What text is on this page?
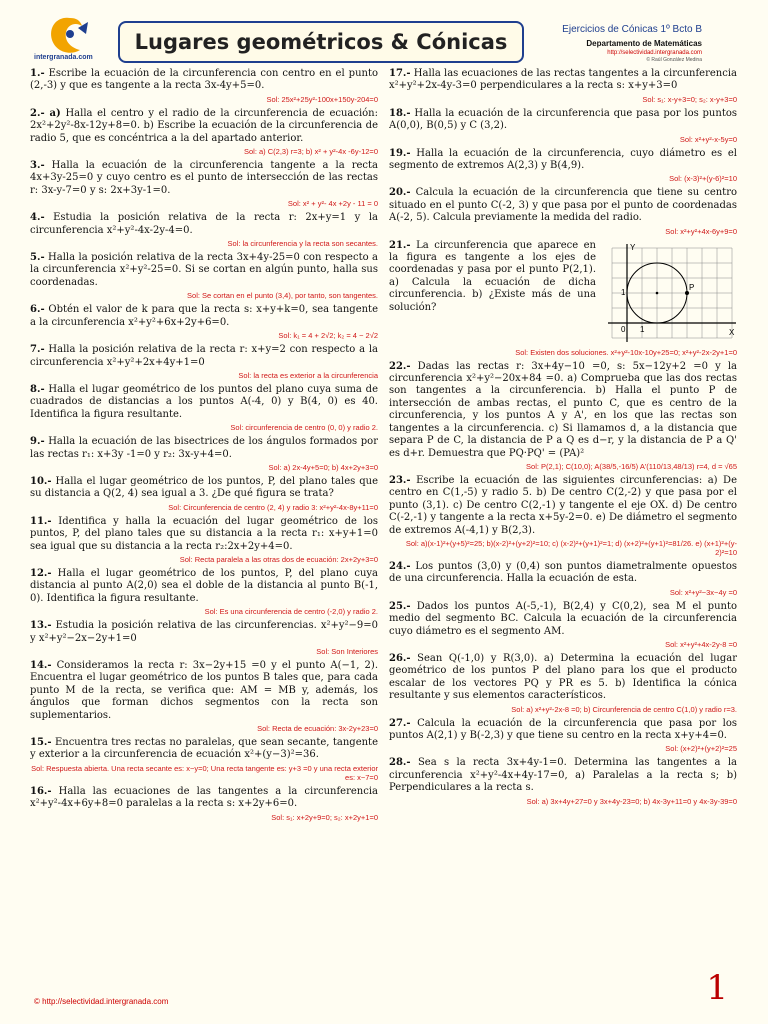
intergranada.com
Lugares geométricos & Cónicas
Ejercicios de Cónicas 1º Bcto B
Departamento de Matemáticas
http://selectividad.intergranada.com
© Raúl González Medina

1.- Escribe la ecuación de la circunferencia con centro en el punto (2,-3) y que es tangente a la recta 3x-4y+5=0.

Sol: 25x²+25y²-100x+150y-204=0

2.- a) Halla el centro y el radio de la circunferencia de ecuación: 2x²+2y²-8x-12y+8=0. b) Escribe la ecuación de la circunferencia de radio 5, que es concéntrica a la del apartado anterior.

Sol: a) C(2,3) r=3; b) x² + y²-4x -6y-12=0

3.- Halla la ecuación de la circunferencia tangente a la recta 4x+3y-25=0 y cuyo centro es el punto de intersección de las rectas r: 3x-y-7=0 y s: 2x+3y-1=0.

Sol: x² + y²- 4x +2y - 11 = 0

4.- Estudia la posición relativa de la recta r: 2x+y=1 y la circunferencia x²+y²-4x-2y-4=0.

Sol: la circunferencia y la recta son secantes.

5.- Halla la posición relativa de la recta 3x+4y-25=0 con respecto a la circunferencia x²+y²-25=0. Si se cortan en algún punto, halla sus coordenadas.

Sol: Se cortan en el punto (3,4), por tanto, son tangentes.

6.- Obtén el valor de k para que la recta s: x+y+k=0, sea tangente a la circunferencia x²+y²+6x+2y+6=0.

Sol: k₁ = 4 + 2√2; k₂ = 4 − 2√2

7.- Halla la posición relativa de la recta r: x+y=2 con respecto a la circunferencia x²+y²+2x+4y+1=0

Sol: la recta es exterior a la circunferencia

8.- Halla el lugar geométrico de los puntos del plano cuya suma de cuadrados de distancias a los puntos A(-4, 0) y B(4, 0) es 40. Identifica la figura resultante.

Sol: circunferencia de centro (0, 0) y radio 2.

9.- Halla la ecuación de las bisectrices de los ángulos formados por las rectas r₁: x+3y -1=0 y r₂: 3x-y+4=0.

Sol: a) 2x-4y+5=0; b) 4x+2y+3=0

10.- Halla el lugar geométrico de los puntos, P, del plano tales que su distancia a Q(2, 4) sea igual a 3. ¿De qué figura se trata?

Sol: Circunferencia de centro (2, 4) y radio 3: x²+y²-4x-8y+11=0

11.- Identifica y halla la ecuación del lugar geométrico de los puntos, P, del plano tales que su distancia a la recta r₁: x+y+1=0 sea igual que su distancia a la recta r₂:2x+2y+4=0.

Sol: Recta paralela a las otras dos de ecuación: 2x+2y+3=0

12.- Halla el lugar geométrico de los puntos, P, del plano cuya distancia al punto A(2,0) sea el doble de la distancia al punto B(-1, 0). Identifica la figura resultante.

Sol: Es una circunferencia de centro (-2,0) y radio 2.

13.- Estudia la posición relativa de las circunferencias. x²+y²−9=0 y x²+y²−2x−2y+1=0

Sol: Son Interiores

14.- Consideramos la recta r: 3x−2y+15 =0 y el punto A(−1, 2). Encuentra el lugar geométrico de los puntos B tales que, para cada punto M de la recta, se verifica que: AM = MB y, además, los ángulos que forman dichos segmentos con la recta son suplementarios.

Sol: Recta de ecuación: 3x-2y+23=0

15.- Encuentra tres rectas no paralelas, que sean secante, tangente y exterior a la circunferencia de ecuación x²+(y−3)²=36.

Sol: Respuesta abierta. Una recta secante es: x−y=0; Una recta tangente es: y+3 =0 y una recta exterior es: x−7=0

16.- Halla las ecuaciones de las tangentes a la circunferencia x²+y²-4x+6y+8=0 paralelas a la recta s: x+2y+6=0.

Sol: s₁: x+2y+9=0; s₂: x+2y+1=0

17.- Halla las ecuaciones de las rectas tangentes a la circunferencia x²+y²+2x-4y-3=0 perpendiculares a la recta s: x+y+3=0

Sol: s₁: x-y+3=0; s₂: x-y+3=0

18.- Halla la ecuación de la circunferencia que pasa por los puntos A(0,0), B(0,5) y C (3,2).

Sol: x²+y²-x-5y=0

19.- Halla la ecuación de la circunferencia, cuyo diámetro es el segmento de extremos A(2,3) y B(4,9).

Sol: (x-3)²+(y-6)²=10

20.- Calcula la ecuación de la circunferencia que tiene su centro situado en el punto C(-2, 3) y que pasa por el punto de coordenadas A(-2, 5). Calcula previamente la medida del radio.

Sol: x²+y²+4x-6y+9=0

P
Y
X
1
0 1
21.- La circunferencia que aparece en la figura es tangente a los ejes de coordenadas y pasa por el punto P(2,1). a) Calcula la ecuación de dicha circunferencia. b) ¿Existe más de una solución?

Sol: Existen dos soluciones. x²+y²-10x-10y+25=0; x²+y²-2x-2y+1=0

22.- Dadas las rectas r: 3x+4y−10 =0, s: 5x−12y+2 =0 y la circunferencia x²+y²−20x+84 =0. a) Comprueba que las dos rectas son tangentes a la circunferencia. b) Halla el punto P de intersección de ambas rectas, el punto C, que es centro de la circunferencia, y los puntos A y A', en los que las rectas son tangentes a la circunferencia. c) Si llamamos d, a la distancia que separa P de C, la distancia de P a Q es d−r, y la distancia de P a Q' es d+r. Demuestra que PQ·PQ' = (PA)²

Sol: P(2,1); C(10,0); A(38/5,-16/5) A'(110/13,48/13) r=4, d = √65

23.- Escribe la ecuación de las siguientes circunferencias: a) De centro en C(1,-5) y radio 5. b) De centro C(2,-2) y que pasa por el punto (3,1). c) De centro C(2,-1) y tangente el eje OX. d) De centro C(-2,-1) y tangente a la recta x+5y-2=0. e) De diámetro el segmento de extremos A(-4,1) y B(2,3).

Sol: a)(x-1)²+(y+5)²=25; b)(x-2)²+(y+2)²=10; c) (x-2)²+(y+1)²=1; d) (x+2)²+(y+1)²=81/26. e) (x+1)²+(y-2)²=10

24.- Los puntos (3,0) y (0,4) son puntos diametralmente opuestos de una circunferencia. Halla la ecuación de esta.

Sol: x²+y²−3x−4y =0

25.- Dados los puntos A(-5,-1), B(2,4) y C(0,2), sea M el punto medio del segmento BC. Calcula la ecuación de la circunferencia cuyo diámetro es el segmento AM.

Sol: x²+y²+4x-2y-8 =0

26.- Sean Q(-1,0) y R(3,0). a) Determina la ecuación del lugar geométrico de los puntos P del plano para los que el producto escalar de los vectores PQ y PR es 5. b) Identifica la cónica resultante y sus elementos característicos.

Sol: a) x²+y²-2x-8 =0; b) Circunferencia de centro C(1,0) y radio r=3.

27.- Calcula la ecuación de la circunferencia que pasa por los puntos A(2,1) y B(-2,3) y que tiene su centro en la recta x+y+4=0.

Sol: (x+2)²+(y+2)²=25

28.- Sea s la recta 3x+4y-1=0. Determina las tangentes a la circunferencia x²+y²-4x+4y-17=0, a) Paralelas a la recta s; b) Perpendiculares a la recta s.

Sol: a) 3x+4y+27=0 y 3x+4y-23=0; b) 4x-3y+11=0 y 4x-3y-39=0
© http://selectividad.intergranada.com	1
